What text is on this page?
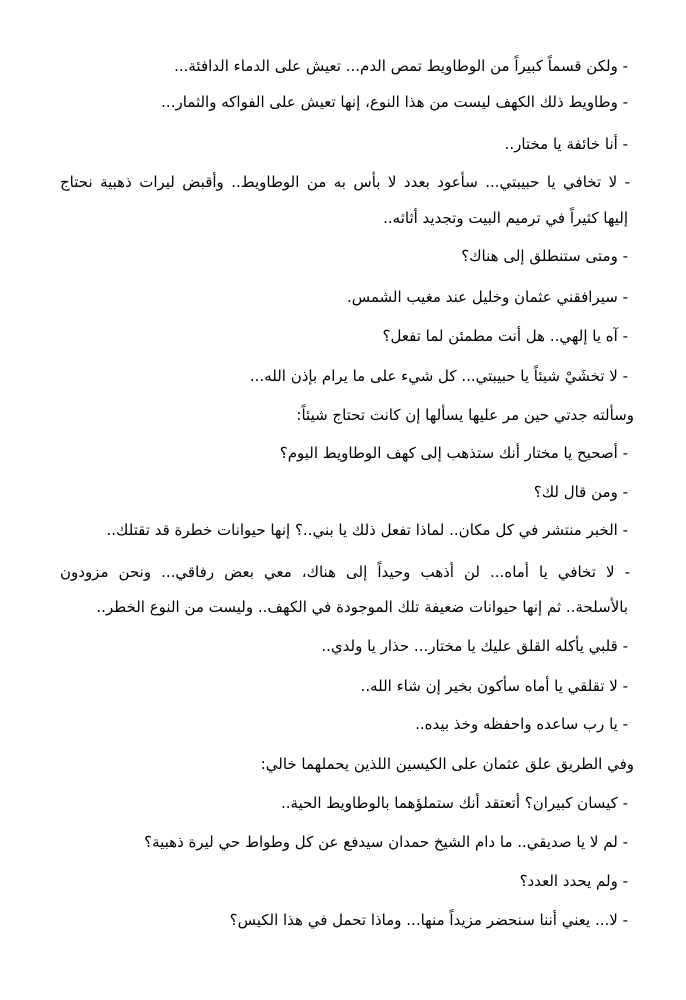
- ولكن قسماً كبيراً من الوطاويط تمص الدم... تعيش على الدماء الدافئة...

- وطاويط ذلك الكهف ليست من هذا النوع، إنها تعيش على الفواكه والثمار...

- أنا خائفة يا مختار..

- لا تخافي يا حبيبتي... سأعود بعدد لا بأس به من الوطاويط.. وأقبض ليرات ذهبية نحتاج

إليها كثيراً في ترميم البيت وتجديد أثاثه..

- ومتى ستنطلق إلى هناك؟

- سيرافقني عثمان وخليل عند مغيب الشمس.

- آه يا إلهي.. هل أنت مطمئن لما تفعل؟

- لا تخشَيْ شيئاً يا حبيبتي... كل شيء على ما يرام بإذن الله...

وسألته جدتي حين مر عليها يسألها إن كانت تحتاج شيئاً:

- أصحيح يا مختار أنك ستذهب إلى كهف الوطاويط اليوم؟

- ومن قال لك؟

- الخبر منتشر في كل مكان.. لماذا تفعل ذلك يا بني..؟ إنها حيوانات خطرة قد تقتلك..

- لا تخافي يا أماه... لن أذهب وحيداً إلى هناك، معي بعض رفاقي... ونحن مزودون

بالأسلحة.. ثم إنها حيوانات ضعيفة تلك الموجودة في الكهف.. وليست من النوع الخطر..

- قلبي يأكله القلق عليك يا مختار... حذار يا ولدي..

- لا تقلقي يا أماه سأكون بخير إن شاء الله..

- يا رب ساعده واحفظه وخذ بيده..

وفي الطريق علق عثمان على الكيسين اللذين يحملهما خالي:

- كيسان كبيران؟ أتعتقد أنك ستملؤهما بالوطاويط الحية..

- لم لا يا صديقي.. ما دام الشيخ حمدان سيدفع عن كل وطواط حي ليرة ذهبية؟

- ولم يحدد العدد؟

- لا... يعني أننا سنحضر مزيداً منها... وماذا تحمل في هذا الكيس؟
